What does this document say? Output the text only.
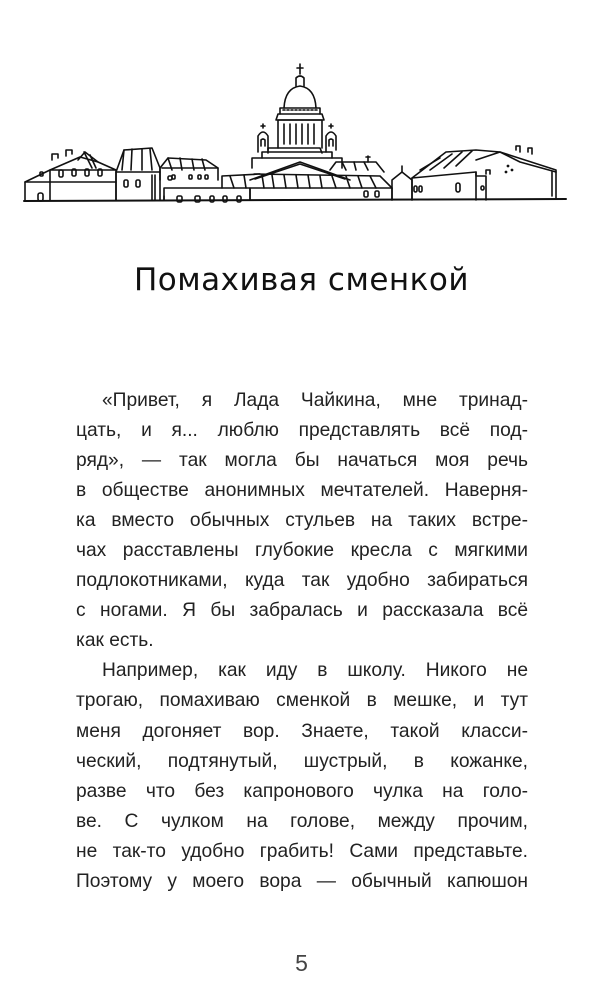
Помахивая сменкой

«Привет, я Лада Чайкина, мне тринад-
цать, и я... люблю представлять всё под-
ряд», — так могла бы начаться моя речь
в обществе анонимных мечтателей. Наверня-
ка вместо обычных стульев на таких встре-
чах расставлены глубокие кресла с мягкими
подлокотниками, куда так удобно забираться
с ногами. Я бы забралась и рассказала всё
как есть.

Например, как иду в школу. Никого не
трогаю, помахиваю сменкой в мешке, и тут
меня догоняет вор. Знаете, такой класси-
ческий, подтянутый, шустрый, в кожанке,
разве что без капронового чулка на голо-
ве. С чулком на голове, между прочим,
не так-то удобно грабить! Сами представьте.
Поэтому у моего вора — обычный капюшон

5
